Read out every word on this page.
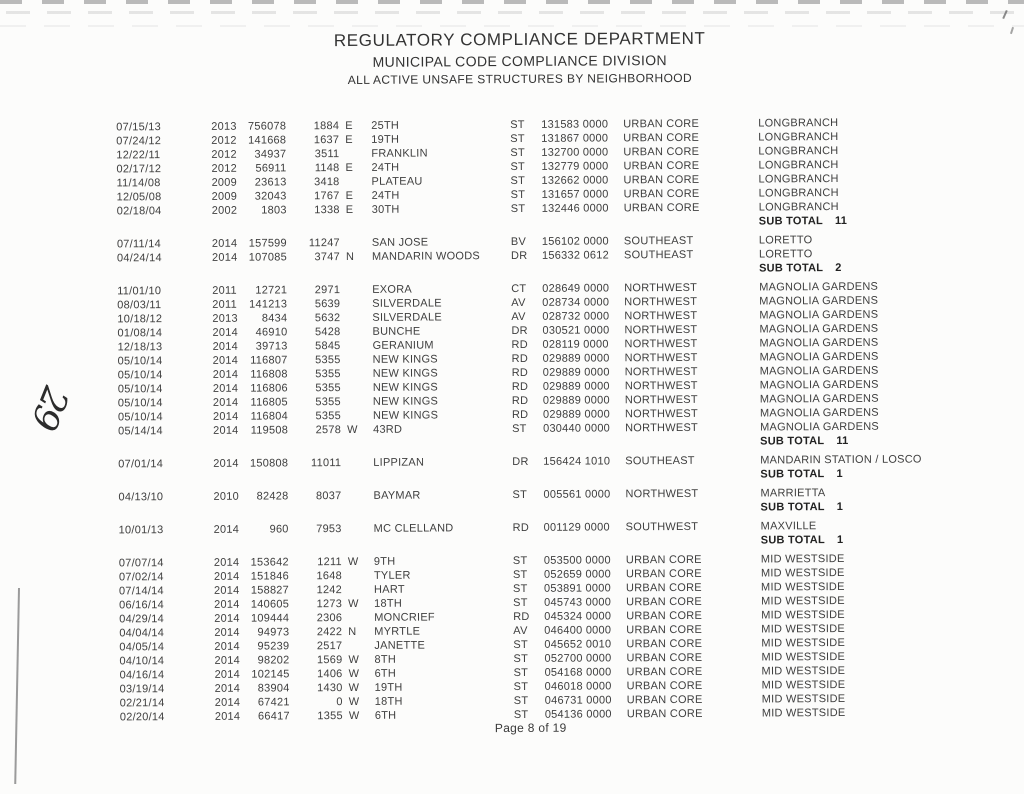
29
REGULATORY COMPLIANCE DEPARTMENT
MUNICIPAL CODE COMPLIANCE DIVISION
ALL ACTIVE UNSAFE STRUCTURES BY NEIGHBORHOOD
07/15/13	2013	756078	1884 E	25TH	ST	131583 0000	URBAN CORE	LONGBRANCH
07/24/12	2012	141668	1637 E	19TH	ST	131867 0000	URBAN CORE	LONGBRANCH
12/22/11	2012	34937	3511	FRANKLIN	ST	132700 0000	URBAN CORE	LONGBRANCH
02/17/12	2012	56911	1148 E	24TH	ST	132779 0000	URBAN CORE	LONGBRANCH
11/14/08	2009	23613	3418	PLATEAU	ST	132662 0000	URBAN CORE	LONGBRANCH
12/05/08	2009	32043	1767 E	24TH	ST	131657 0000	URBAN CORE	LONGBRANCH
02/18/04	2002	1803	1338 E	30TH	ST	132446 0000	URBAN CORE	LONGBRANCH
SUB TOTAL 11
07/11/14	2014	157599	11247	SAN JOSE	BV	156102 0000	SOUTHEAST	LORETTO
04/24/14	2014	107085	3747 N	MANDARIN WOODS	DR	156332 0612	SOUTHEAST	LORETTO
SUB TOTAL 2
11/01/10	2011	12721	2971	EXORA	CT	028649 0000	NORTHWEST	MAGNOLIA GARDENS
08/03/11	2011	141213	5639	SILVERDALE	AV	028734 0000	NORTHWEST	MAGNOLIA GARDENS
10/18/12	2013	8434	5632	SILVERDALE	AV	028732 0000	NORTHWEST	MAGNOLIA GARDENS
01/08/14	2014	46910	5428	BUNCHE	DR	030521 0000	NORTHWEST	MAGNOLIA GARDENS
12/18/13	2014	39713	5845	GERANIUM	RD	028119 0000	NORTHWEST	MAGNOLIA GARDENS
05/10/14	2014	116807	5355	NEW KINGS	RD	029889 0000	NORTHWEST	MAGNOLIA GARDENS
05/10/14	2014	116808	5355	NEW KINGS	RD	029889 0000	NORTHWEST	MAGNOLIA GARDENS
05/10/14	2014	116806	5355	NEW KINGS	RD	029889 0000	NORTHWEST	MAGNOLIA GARDENS
05/10/14	2014	116805	5355	NEW KINGS	RD	029889 0000	NORTHWEST	MAGNOLIA GARDENS
05/10/14	2014	116804	5355	NEW KINGS	RD	029889 0000	NORTHWEST	MAGNOLIA GARDENS
05/14/14	2014	119508	2578 W	43RD	ST	030440 0000	NORTHWEST	MAGNOLIA GARDENS
SUB TOTAL 11
07/01/14	2014	150808	11011	LIPPIZAN	DR	156424 1010	SOUTHEAST	MANDARIN STATION / LOSCO
SUB TOTAL 1
04/13/10	2010	82428	8037	BAYMAR	ST	005561 0000	NORTHWEST	MARRIETTA
SUB TOTAL 1
10/01/13	2014	960	7953	MC CLELLAND	RD	001129 0000	SOUTHWEST	MAXVILLE
SUB TOTAL 1
07/07/14	2014	153642	1211 W	9TH	ST	053500 0000	URBAN CORE	MID WESTSIDE
07/02/14	2014	151846	1648	TYLER	ST	052659 0000	URBAN CORE	MID WESTSIDE
07/14/14	2014	158827	1242	HART	ST	053891 0000	URBAN CORE	MID WESTSIDE
06/16/14	2014	140605	1273 W	18TH	ST	045743 0000	URBAN CORE	MID WESTSIDE
04/29/14	2014	109444	2306	MONCRIEF	RD	045324 0000	URBAN CORE	MID WESTSIDE
04/04/14	2014	94973	2422 N	MYRTLE	AV	046400 0000	URBAN CORE	MID WESTSIDE
04/05/14	2014	95239	2517	JANETTE	ST	045652 0010	URBAN CORE	MID WESTSIDE
04/10/14	2014	98202	1569 W	8TH	ST	052700 0000	URBAN CORE	MID WESTSIDE
04/16/14	2014	102145	1406 W	6TH	ST	054168 0000	URBAN CORE	MID WESTSIDE
03/19/14	2014	83904	1430 W	19TH	ST	046018 0000	URBAN CORE	MID WESTSIDE
02/21/14	2014	67421	0 W	18TH	ST	046731 0000	URBAN CORE	MID WESTSIDE
02/20/14	2014	66417	1355 W	6TH	ST	054136 0000	URBAN CORE	MID WESTSIDE
Page 8 of 19
